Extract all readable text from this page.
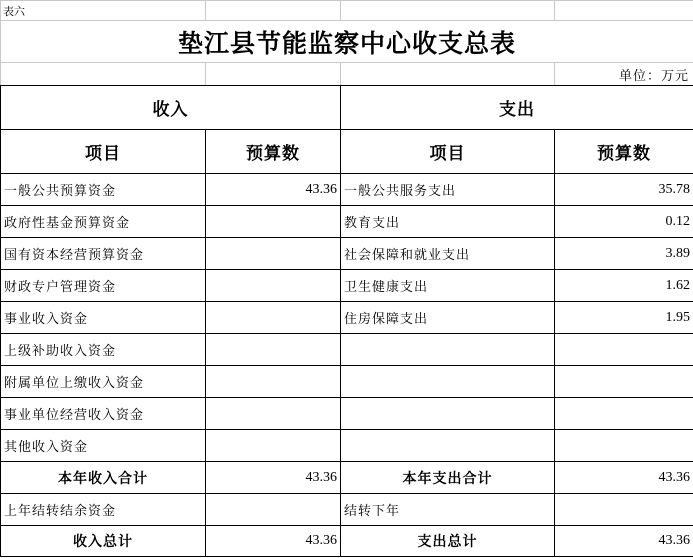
表六			
垫江县节能监察中心收支总表			
			单位：万元
收入		支出	
项目	预算数	项目	预算数
一般公共预算资金	43.36	一般公共服务支出	35.78
政府性基金预算资金		教育支出	0.12
国有资本经营预算资金		社会保障和就业支出	3.89
财政专户管理资金		卫生健康支出	1.62
事业收入资金		住房保障支出	1.95
上级补助收入资金			
附属单位上缴收入资金			
事业单位经营收入资金			
其他收入资金			
本年收入合计	43.36	本年支出合计	43.36
上年结转结余资金		结转下年	
收入总计	43.36	支出总计	43.36
